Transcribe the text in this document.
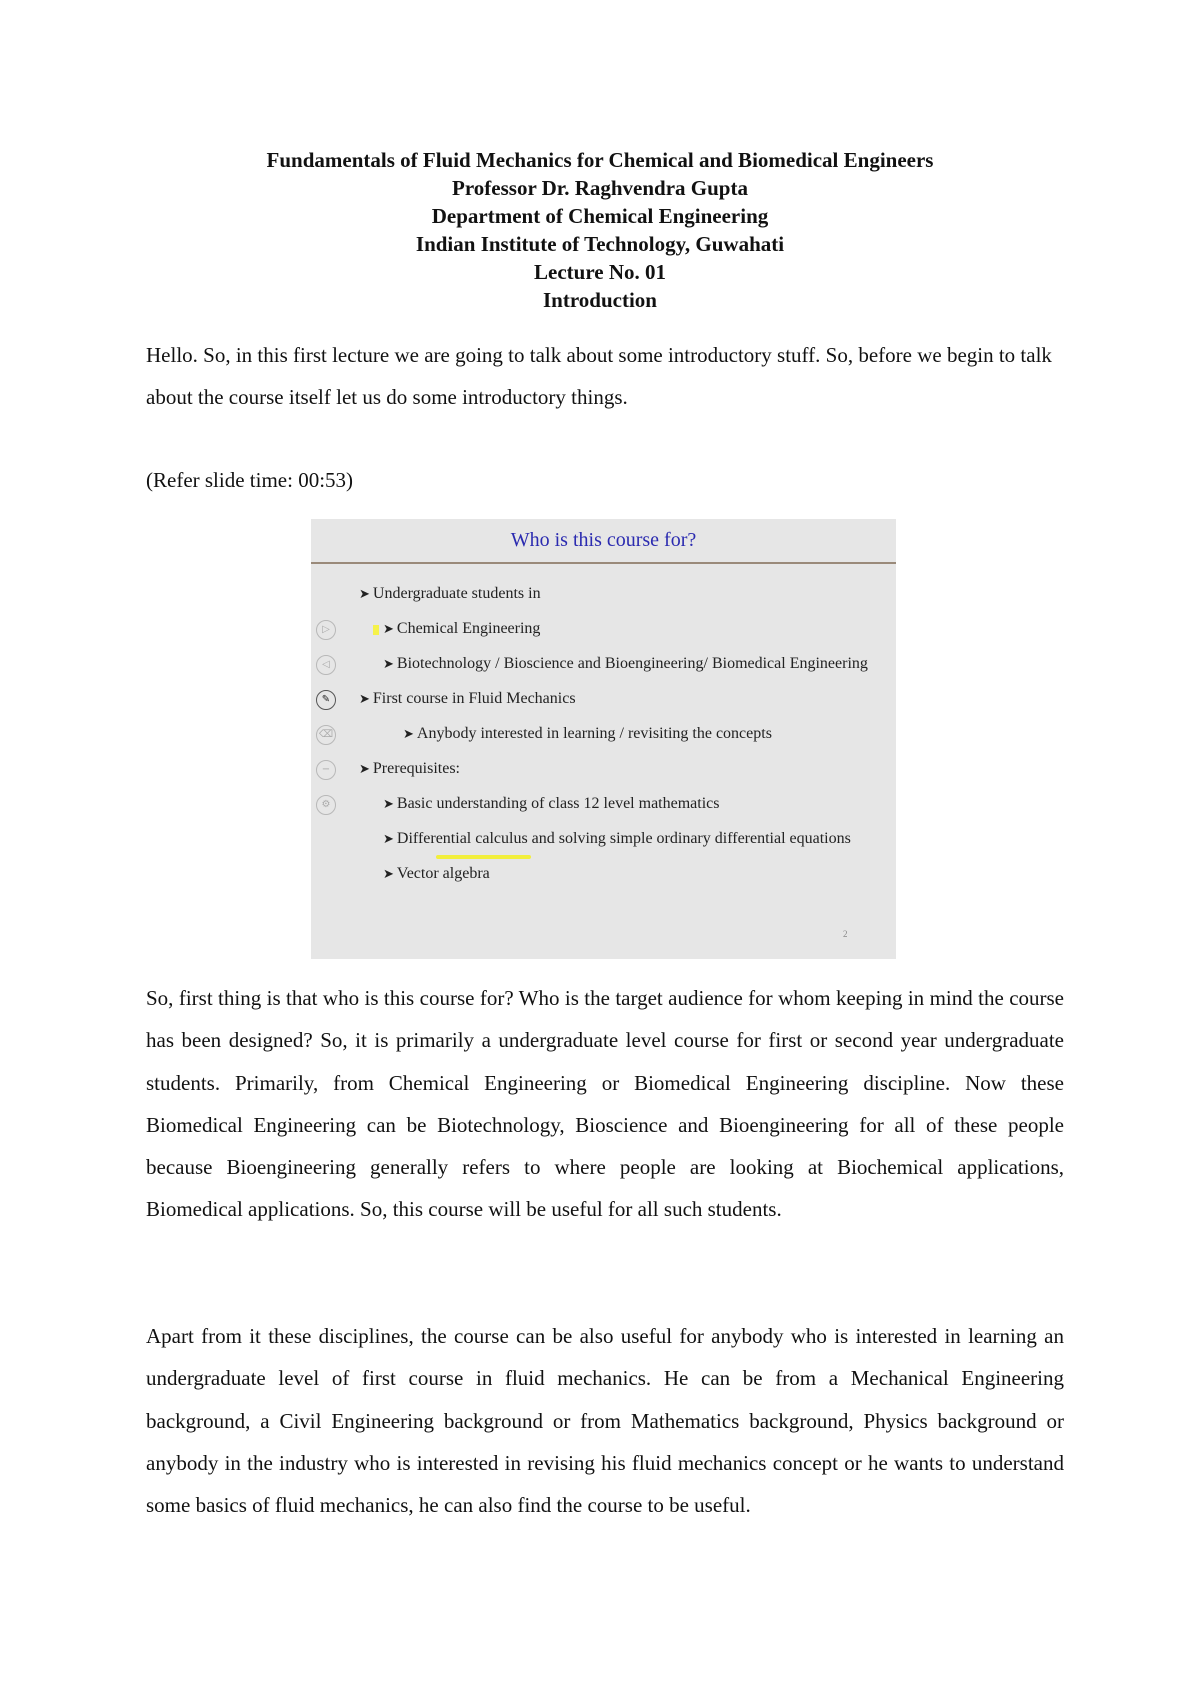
Fundamentals of Fluid Mechanics for Chemical and Biomedical Engineers
Professor Dr. Raghvendra Gupta
Department of Chemical Engineering
Indian Institute of Technology, Guwahati
Lecture No. 01
Introduction

Hello. So, in this first lecture we are going to talk about some introductory stuff. So, before we begin to talk about the course itself let us do some introductory things.

(Refer slide time: 00:53)
Who is this course for?
▷
◁
✎
⌫
−
⚙
➤ Undergraduate students in
➤ Chemical Engineering
➤ Biotechnology / Bioscience and Bioengineering/ Biomedical Engineering
➤ First course in Fluid Mechanics
➤ Anybody interested in learning / revisiting the concepts
➤ Prerequisites:
➤ Basic understanding of class 12 level mathematics
➤ Differential calculus and solving simple ordinary differential equations
➤ Vector algebra
2

So, first thing is that who is this course for? Who is the target audience for whom keeping in mind the course has been designed? So, it is primarily a undergraduate level course for first or second year undergraduate students. Primarily, from Chemical Engineering or Biomedical Engineering discipline. Now these Biomedical Engineering can be Biotechnology, Bioscience and Bioengineering for all of these people because Bioengineering generally refers to where people are looking at Biochemical applications, Biomedical applications. So, this course will be useful for all such students.

Apart from it these disciplines, the course can be also useful for anybody who is interested in learning an undergraduate level of first course in fluid mechanics. He can be from a Mechanical Engineering background, a Civil Engineering background or from Mathematics background, Physics background or anybody in the industry who is interested in revising his fluid mechanics concept or he wants to understand some basics of fluid mechanics, he can also find the course to be useful.
